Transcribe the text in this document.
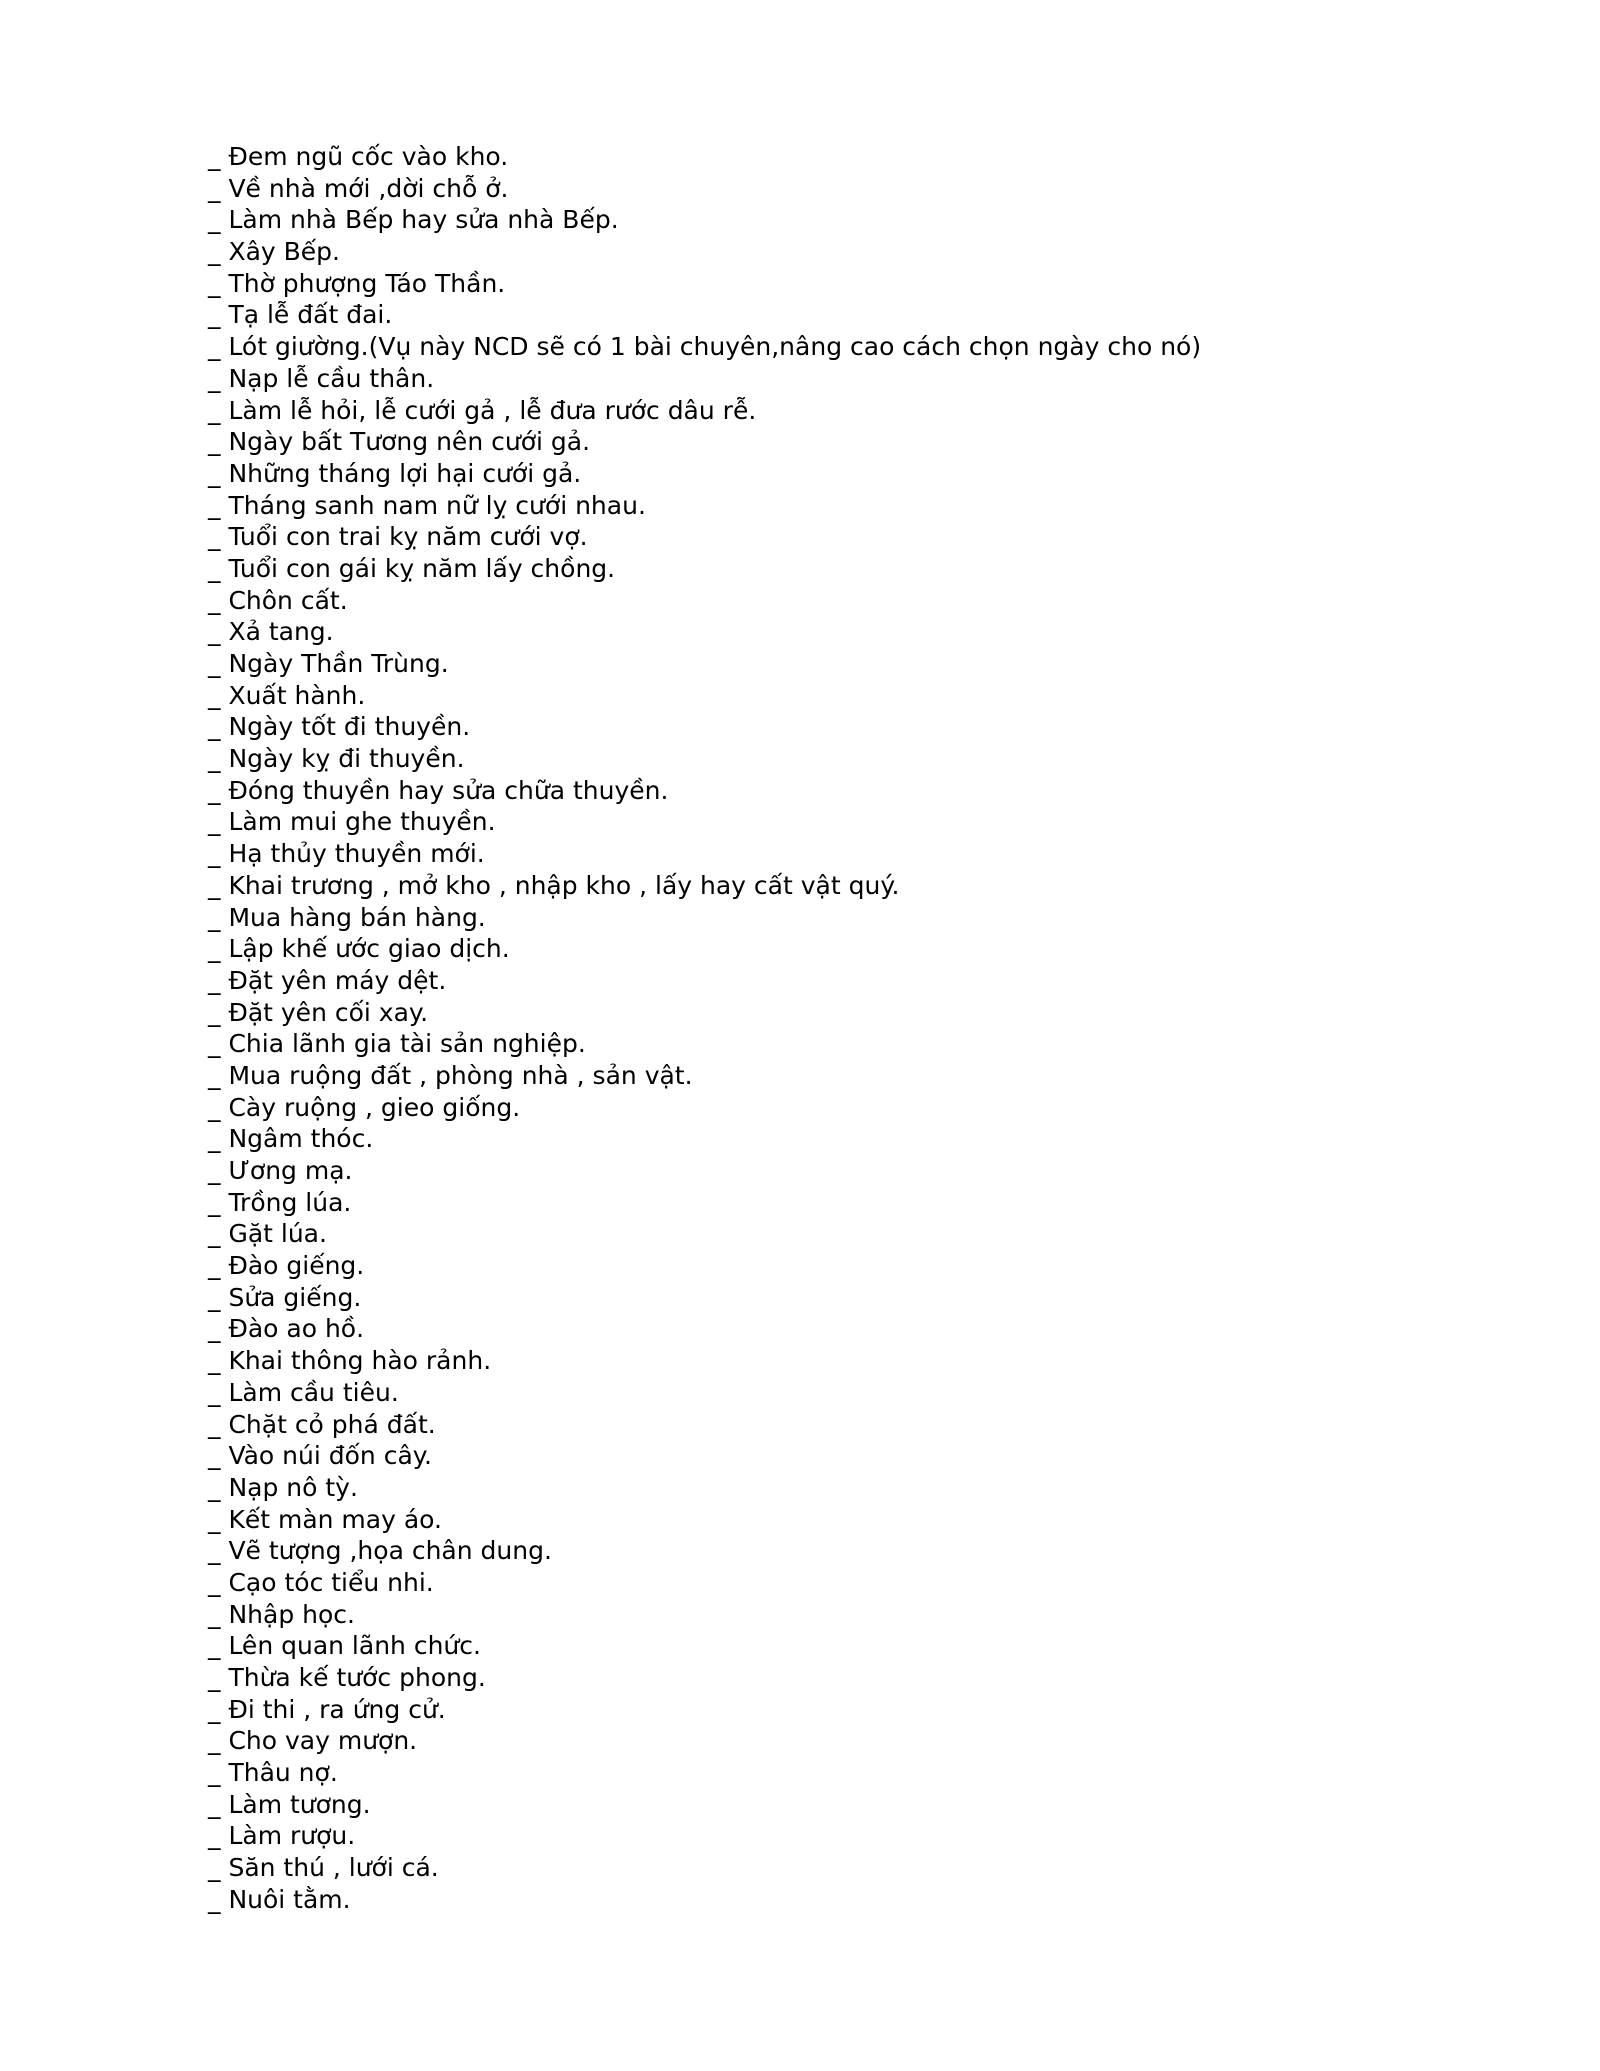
_ Đem ngũ cốc vào kho.
_ Về nhà mới ,dời chỗ ở.
_ Làm nhà Bếp hay sửa nhà Bếp.
_ Xây Bếp.
_ Thờ phượng Táo Thần.
_ Tạ lễ đất đai.
_ Lót giường.(Vụ này NCD sẽ có 1 bài chuyên,nâng cao cách chọn ngày cho nó)
_ Nạp lễ cầu thân.
_ Làm lễ hỏi, lễ cưới gả , lễ đưa rước dâu rễ.
_ Ngày bất Tương nên cưới gả.
_ Những tháng lợi hại cưới gả.
_ Tháng sanh nam nữ lỵ cưới nhau.
_ Tuổi con trai kỵ năm cưới vợ.
_ Tuổi con gái kỵ năm lấy chồng.
_ Chôn cất.
_ Xả tang.
_ Ngày Thần Trùng.
_ Xuất hành.
_ Ngày tốt đi thuyền.
_ Ngày kỵ đi thuyền.
_ Đóng thuyền hay sửa chữa thuyền.
_ Làm mui ghe thuyền.
_ Hạ thủy thuyền mới.
_ Khai trương , mở kho , nhập kho , lấy hay cất vật quý.
_ Mua hàng bán hàng.
_ Lập khế ước giao dịch.
_ Đặt yên máy dệt.
_ Đặt yên cối xay.
_ Chia lãnh gia tài sản nghiệp.
_ Mua ruộng đất , phòng nhà , sản vật.
_ Cày ruộng , gieo giống.
_ Ngâm thóc.
_ Ương mạ.
_ Trồng lúa.
_ Gặt lúa.
_ Đào giếng.
_ Sửa giếng.
_ Đào ao hồ.
_ Khai thông hào rảnh.
_ Làm cầu tiêu.
_ Chặt cỏ phá đất.
_ Vào núi đốn cây.
_ Nạp nô tỳ.
_ Kết màn may áo.
_ Vẽ tượng ,họa chân dung.
_ Cạo tóc tiểu nhi.
_ Nhập học.
_ Lên quan lãnh chức.
_ Thừa kế tước phong.
_ Đi thi , ra ứng cử.
_ Cho vay mượn.
_ Thâu nợ.
_ Làm tương.
_ Làm rượu.
_ Săn thú , lưới cá.
_ Nuôi tằm.
